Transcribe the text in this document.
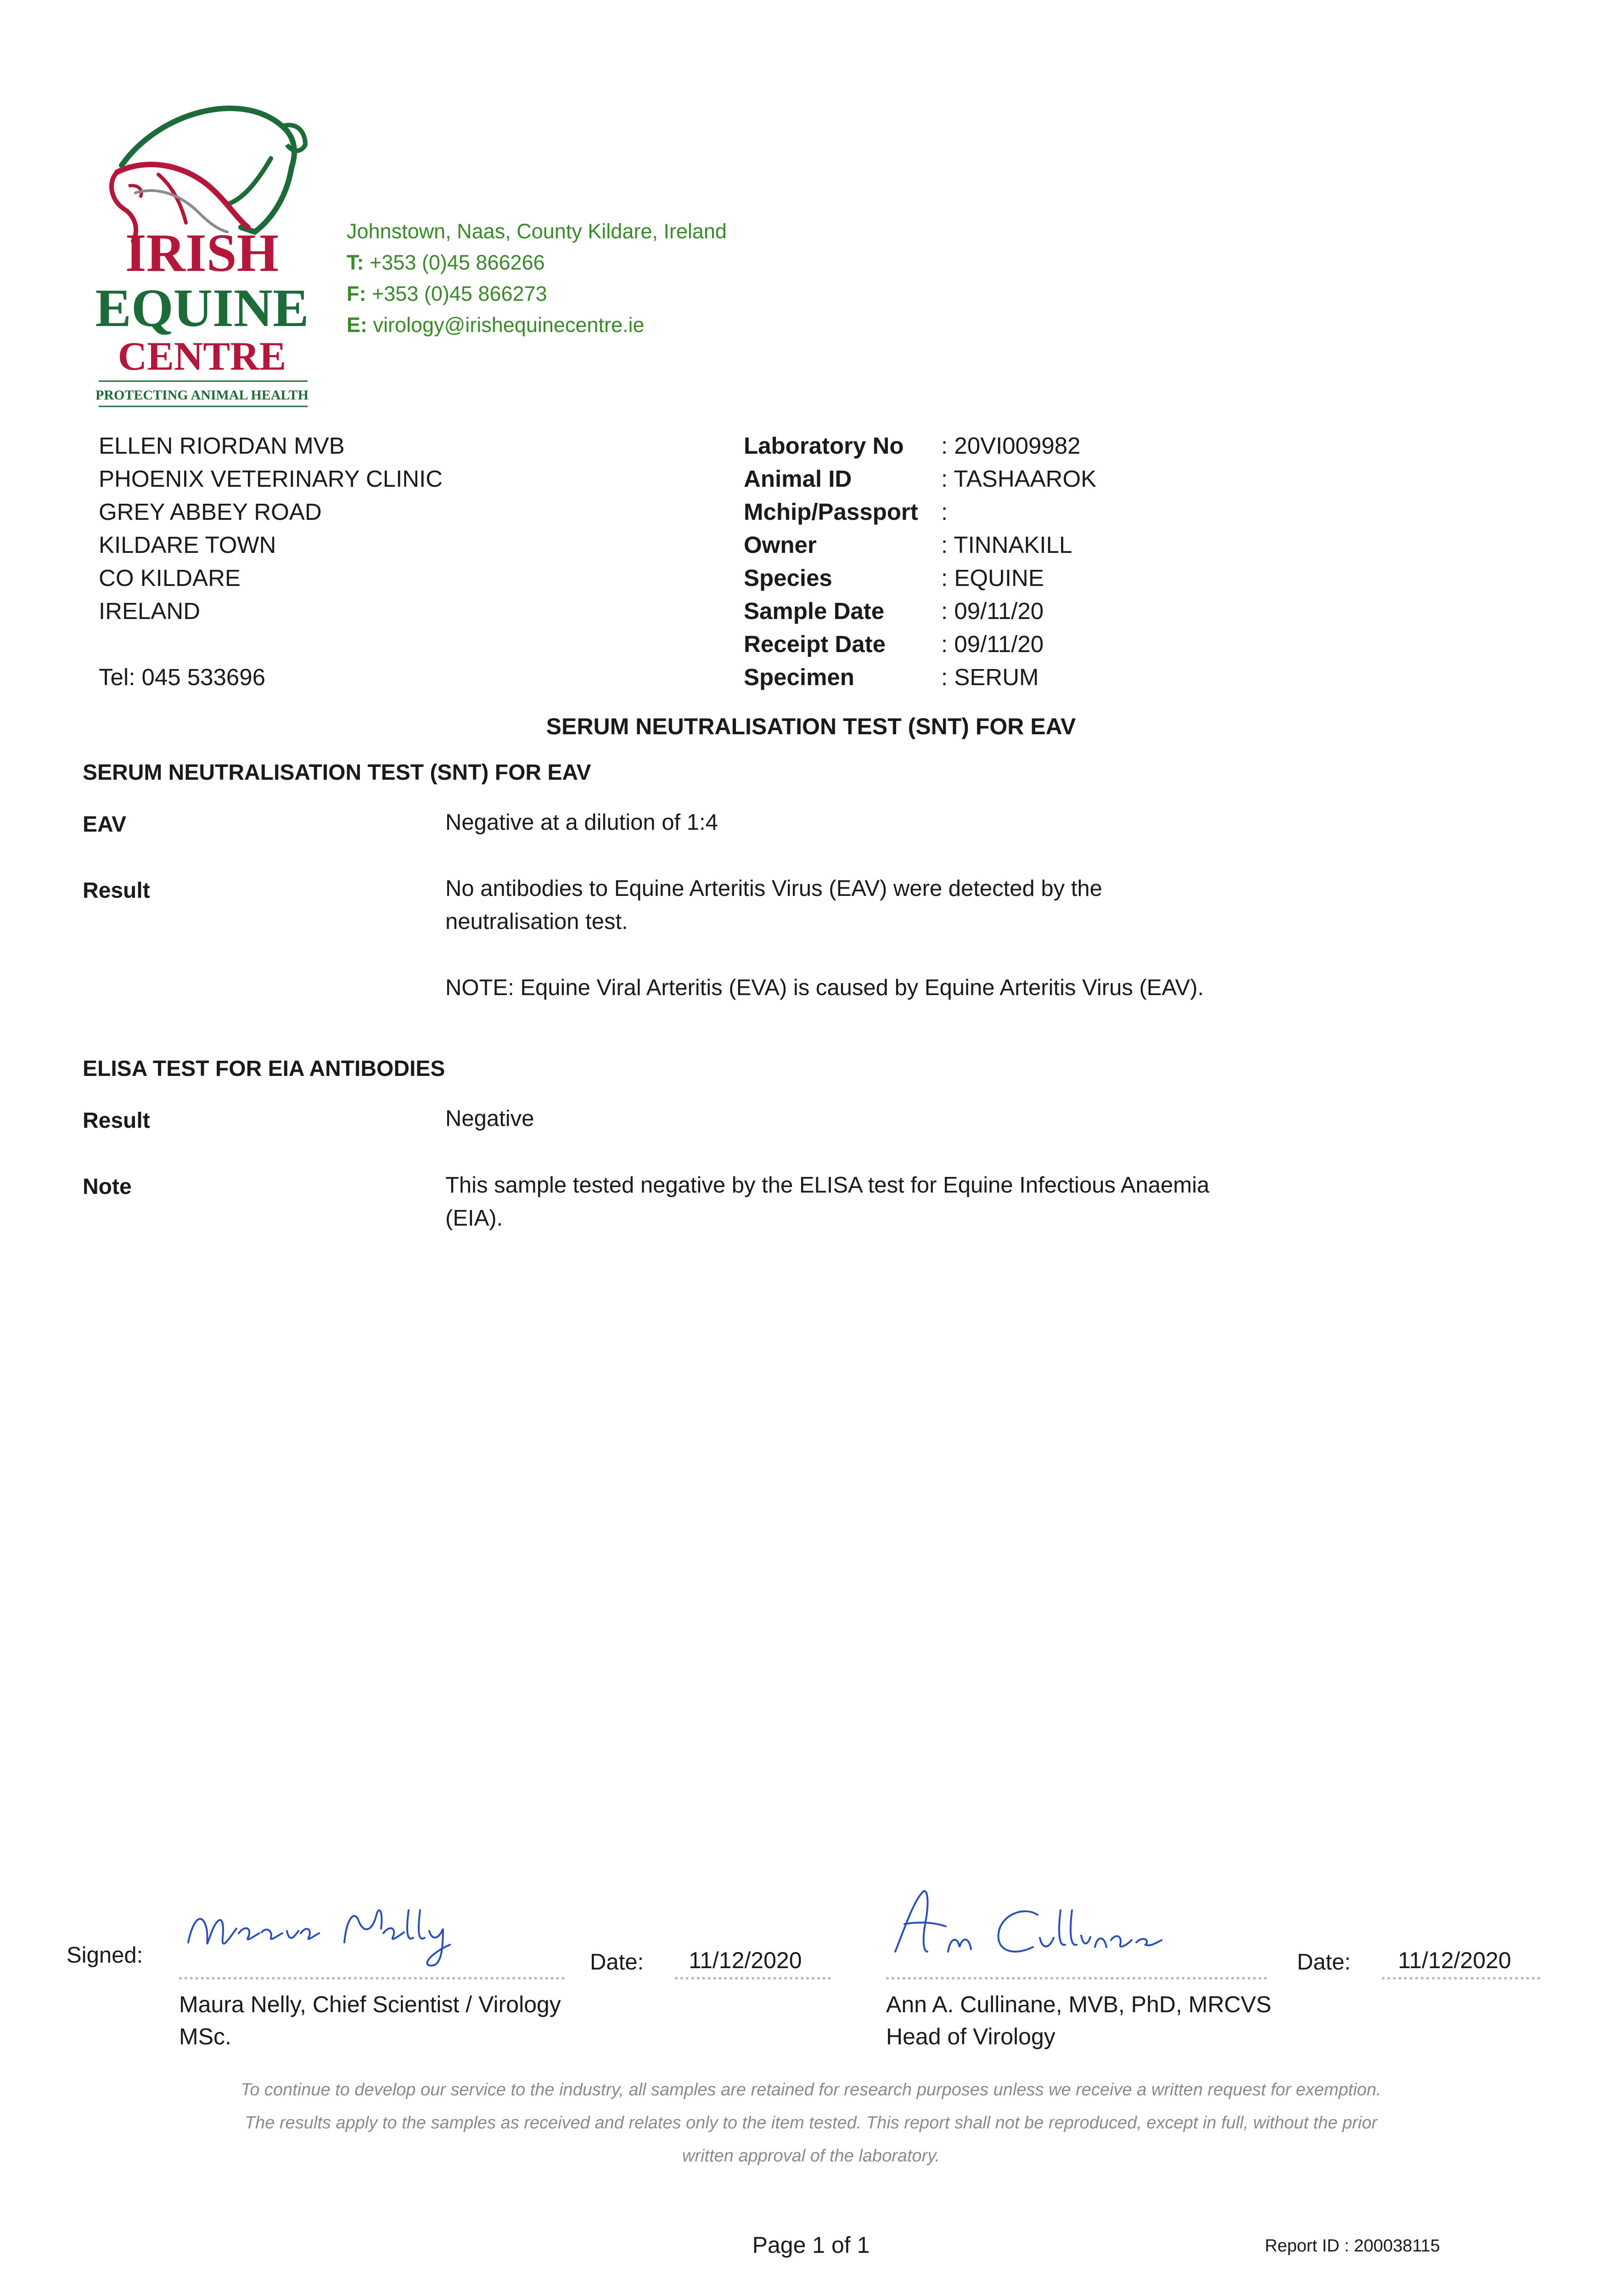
IRISH
EQUINE
CENTRE
PROTECTING ANIMAL HEALTH
Johnstown, Naas, County Kildare, Ireland
T: +353 (0)45 866266
F: +353 (0)45 866273
E: virology@irishequinecentre.ie
ELLEN RIORDAN MVB
PHOENIX VETERINARY CLINIC
GREY ABBEY ROAD
KILDARE TOWN
CO KILDARE
IRELAND
Tel: 045 533696
Laboratory No	: 20VI009982
Animal ID	: TASHAAROK
Mchip/Passport :
Owner	: TINNAKILL
Species	: EQUINE
Sample Date	: 09/11/20
Receipt Date	: 09/11/20
Specimen	: SERUM
SERUM NEUTRALISATION TEST (SNT) FOR EAV
SERUM NEUTRALISATION TEST (SNT) FOR EAV
EAV	Negative at a dilution of 1:4
Result	No antibodies to Equine Arteritis Virus (EAV) were detected by the neutralisation test.
NOTE: Equine Viral Arteritis (EVA) is caused by Equine Arteritis Virus (EAV).
ELISA TEST FOR EIA ANTIBODIES
Result	Negative
Note	This sample tested negative by the ELISA test for Equine Infectious Anaemia (EIA).
Signed:	Date: 11/12/2020
Maura Nelly, Chief Scientist / Virology
MSc.
Date: 11/12/2020
Ann A. Cullinane, MVB, PhD, MRCVS
Head of Virology
To continue to develop our service to the industry, all samples are retained for research purposes unless we receive a written request for exemption.
The results apply to the samples as received and relates only to the item tested. This report shall not be reproduced, except in full, without the prior
written approval of the laboratory.
Page 1 of 1	Report ID : 200038115
